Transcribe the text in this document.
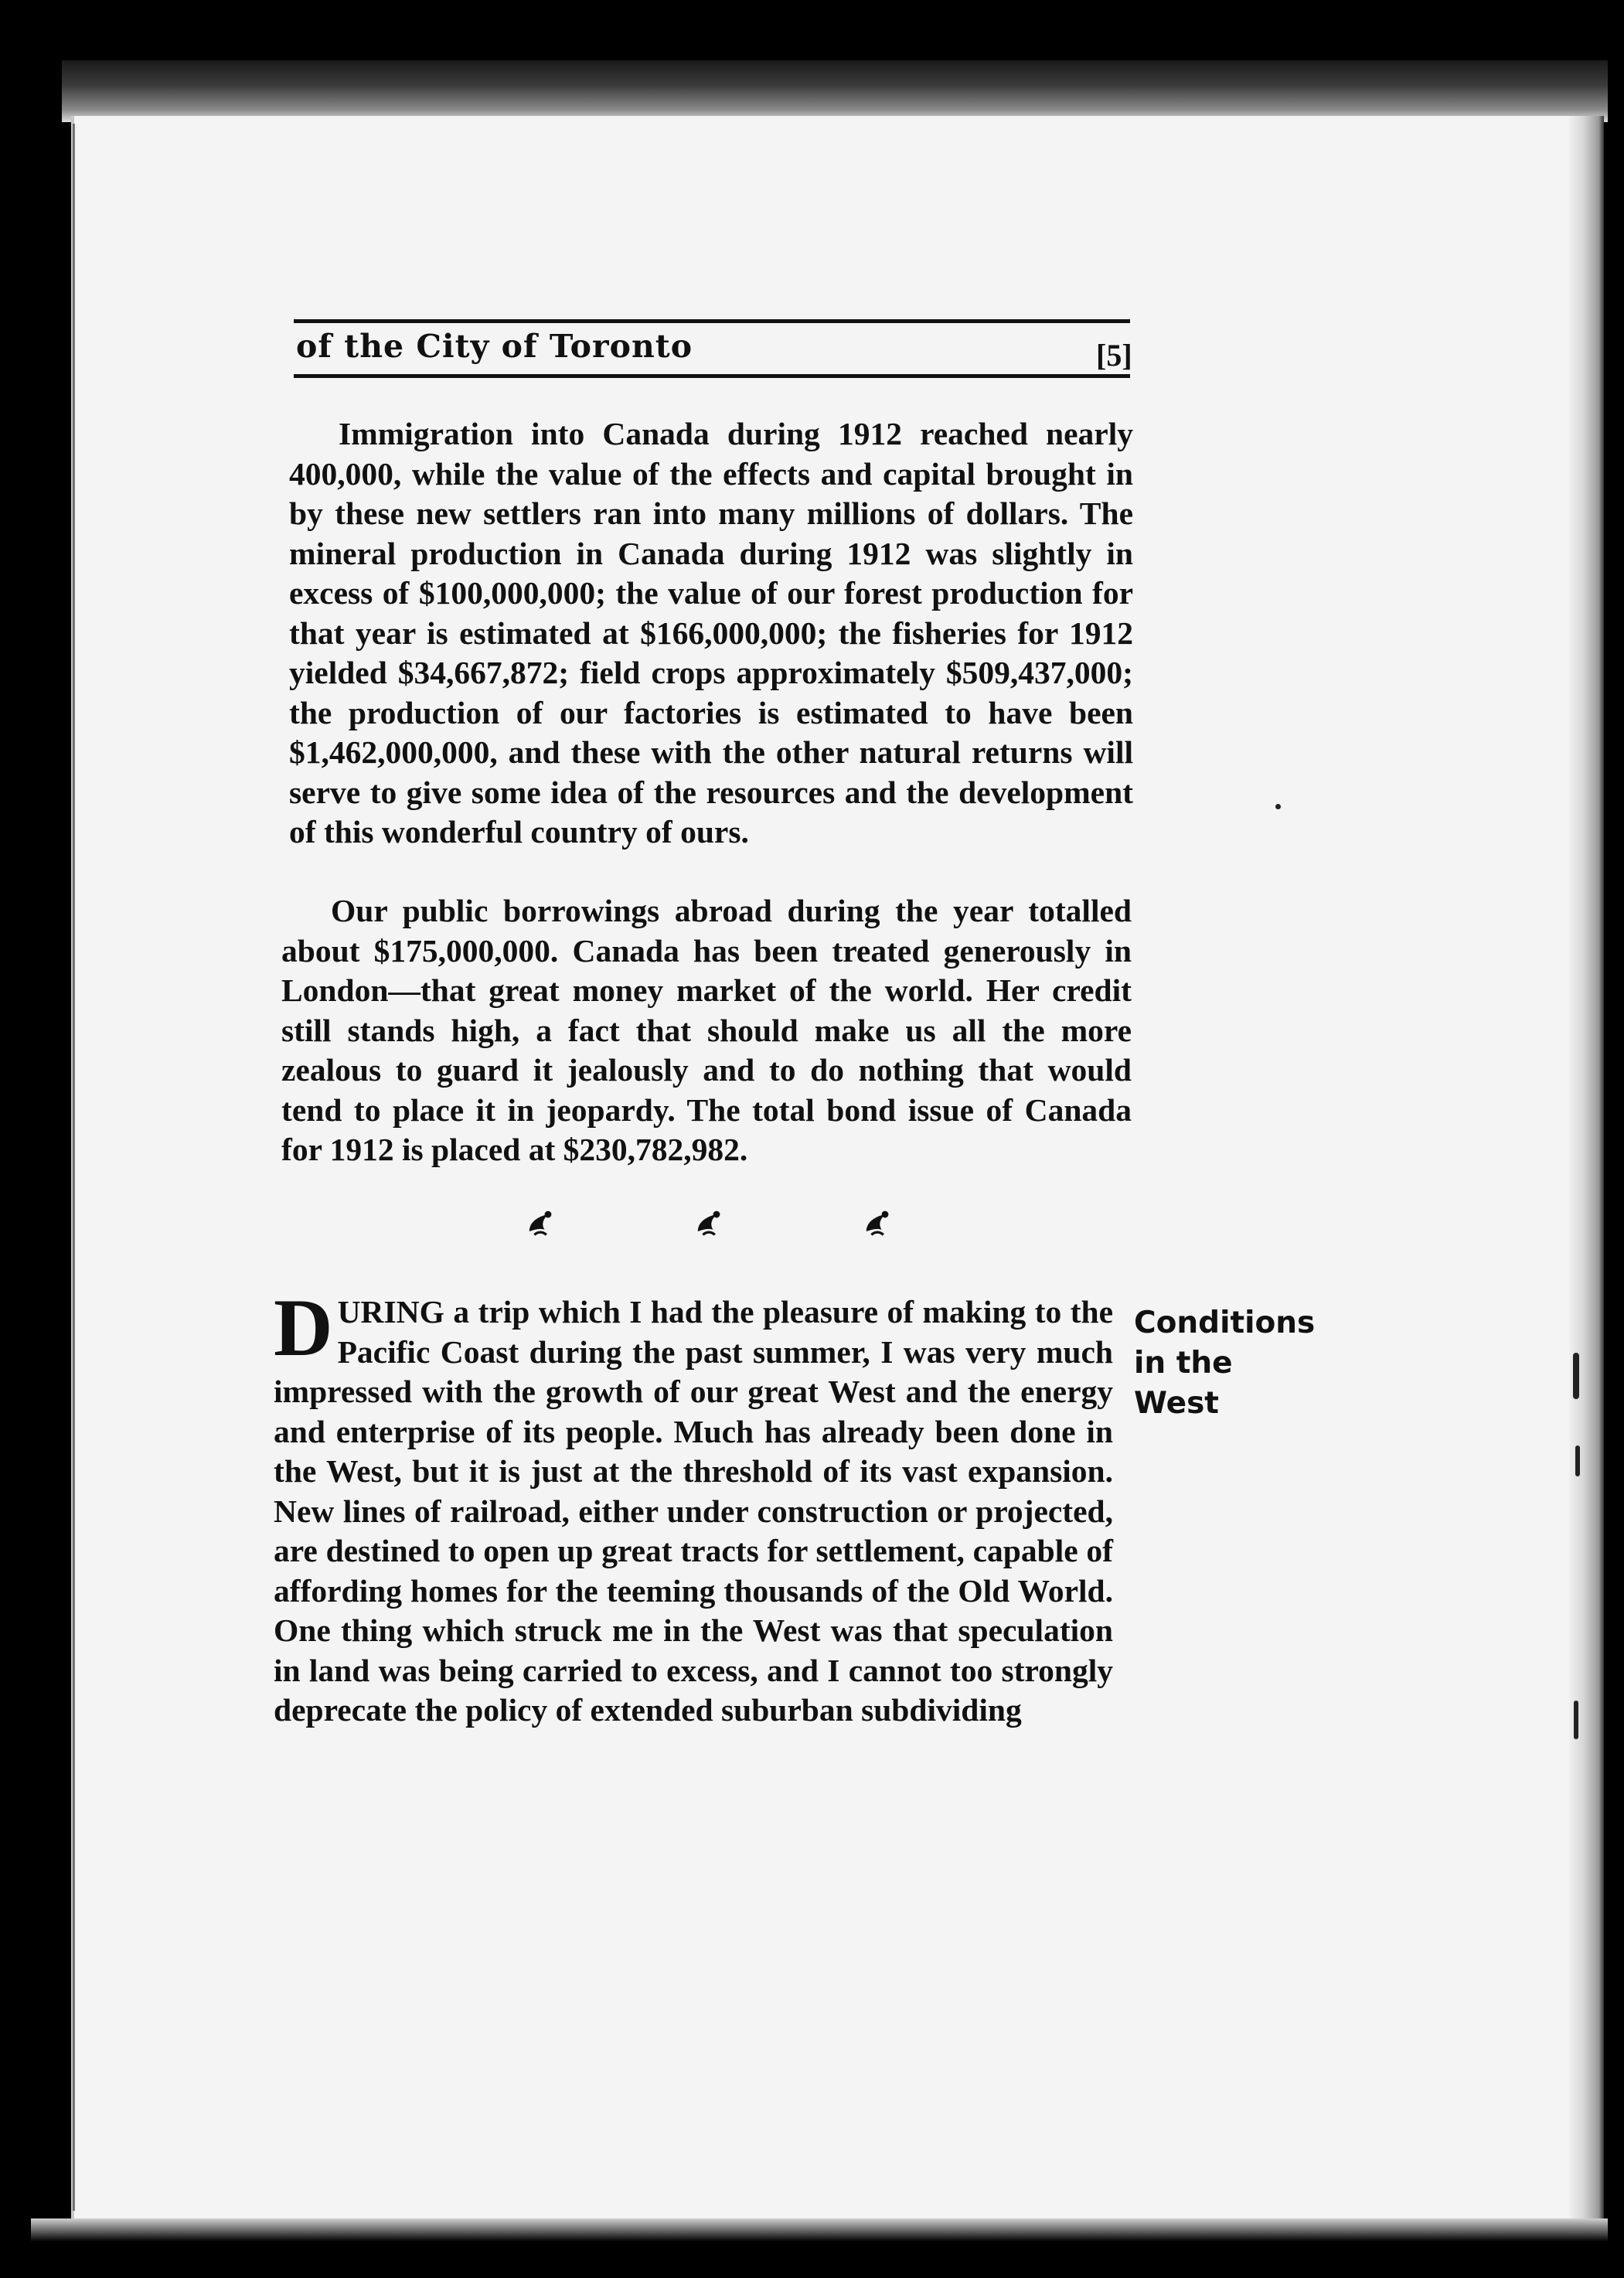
of the City of Toronto	[5]

Immigration into Canada during 1912 reached nearly 400,000, while the value of the effects and capital brought in by these new settlers ran into many millions of dollars. The mineral production in Canada during 1912 was slightly in excess of $100,000,000; the value of our forest production for that year is estimated at $166,000,000; the fisheries for 1912 yielded $34,667,872; field crops approximately $509,437,000; the production of our factories is estimated to have been $1,462,000,000, and these with the other natural returns will serve to give some idea of the resources and the development of this wonderful country of ours.

Our public borrowings abroad during the year totalled about $175,000,000. Canada has been treated generously in London—that great money market of the world. Her credit still stands high, a fact that should make us all the more zealous to guard it jealously and to do nothing that would tend to place it in jeopardy. The total bond issue of Canada for 1912 is placed at $230,782,982.

D URING a trip which I had the pleasure of making to the Pacific Coast during the past summer, I was very much impressed with the growth of our great West and the energy and enterprise of its people. Much has already been done in the West, but it is just at the threshold of its vast expansion. New lines of railroad, either under construction or projected, are destined to open up great tracts for settlement, capable of affording homes for the teeming thousands of the Old World. One thing which struck me in the West was that speculation in land was being carried to excess, and I cannot too strongly deprecate the policy of extended suburban subdividing
Conditions
in the
West
